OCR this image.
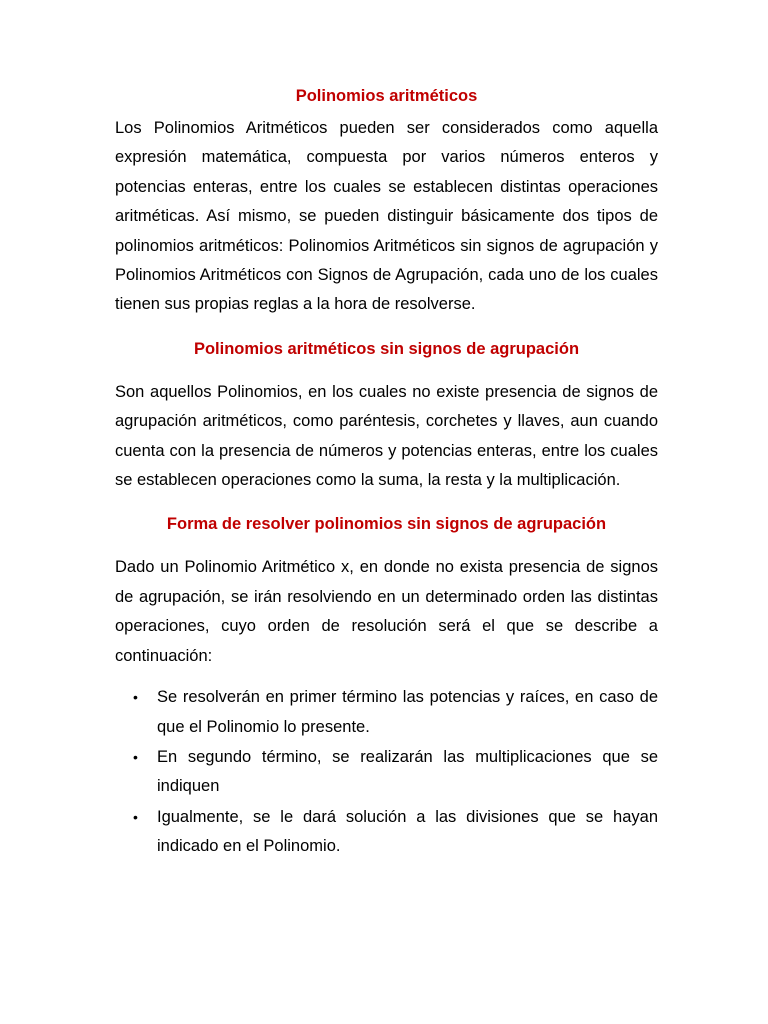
Polinomios aritméticos

Los Polinomios Aritméticos pueden ser considerados como aquella expresión matemática, compuesta por varios números enteros y potencias enteras, entre los cuales se establecen distintas operaciones aritméticas. Así mismo, se pueden distinguir básicamente dos tipos de polinomios aritméticos: Polinomios Aritméticos sin signos de agrupación y Polinomios Aritméticos con Signos de Agrupación, cada uno de los cuales tienen sus propias reglas a la hora de resolverse.

Polinomios aritméticos sin signos de agrupación

Son aquellos Polinomios, en los cuales no existe presencia de signos de agrupación aritméticos, como paréntesis, corchetes y llaves, aun cuando cuenta con la presencia de números y potencias enteras, entre los cuales se establecen operaciones como la suma, la resta y la multiplicación.

Forma de resolver polinomios sin signos de agrupación

Dado un Polinomio Aritmético x, en donde no exista presencia de signos de agrupación, se irán resolviendo en un determinado orden las distintas operaciones, cuyo orden de resolución será el que se describe a continuación:

• Se resolverán en primer término las potencias y raíces, en caso de que el Polinomio lo presente.
• En segundo término, se realizarán las multiplicaciones que se indiquen
• Igualmente, se le dará solución a las divisiones que se hayan indicado en el Polinomio.
